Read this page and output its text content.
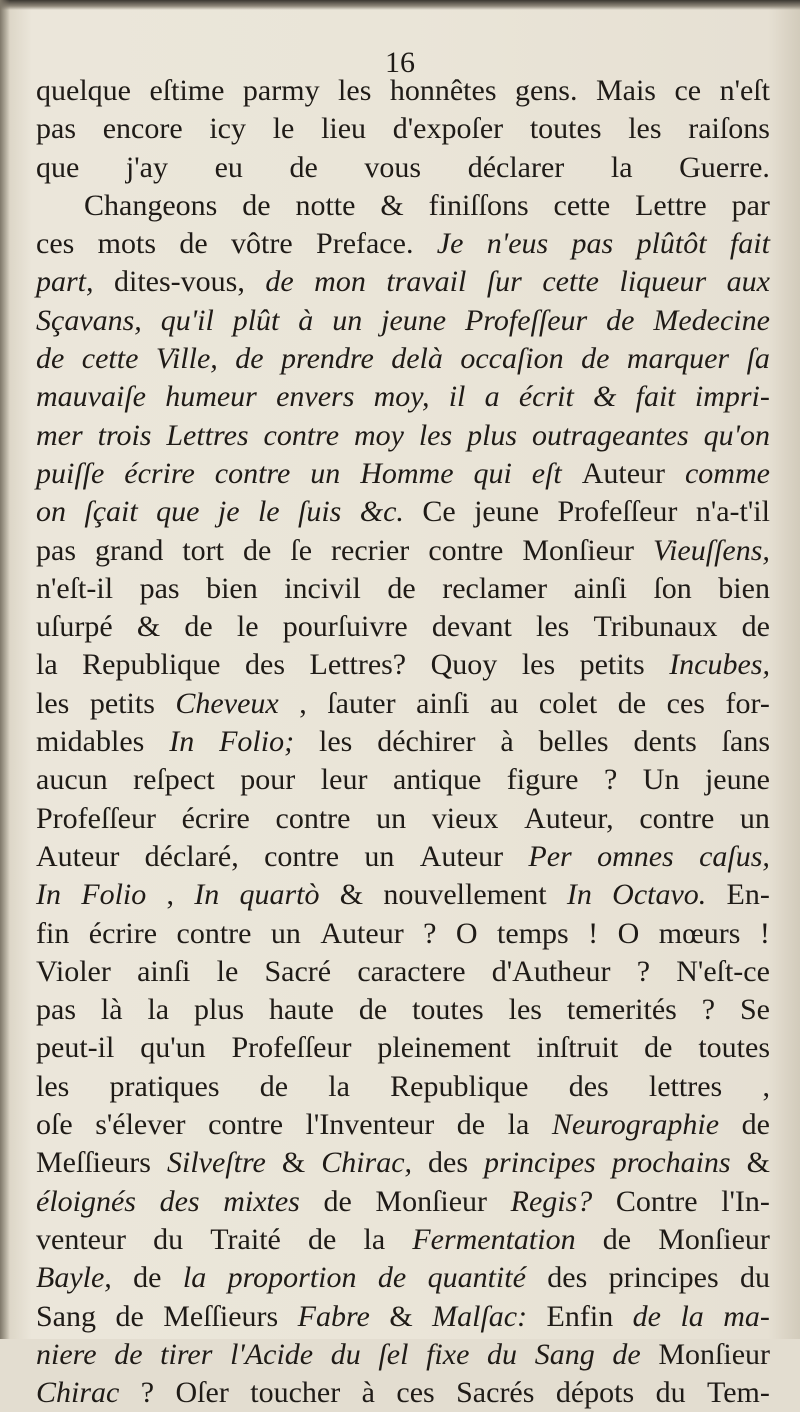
16
quelque eſtime parmy les honnêtes gens. Mais ce n'eſt
pas encore icy le lieu d'expoſer toutes les raiſons
que j'ay eu de vous déclarer la Guerre.
Changeons de notte & finiſſons cette Lettre par
ces mots de vôtre Preface. Je n'eus pas plûtôt fait
part, dites-vous, de mon travail ſur cette liqueur aux
Sçavans, qu'il plût à un jeune Profeſſeur de Medecine
de cette Ville, de prendre delà occaſion de marquer ſa
mauvaiſe humeur envers moy, il a écrit & fait impri-
mer trois Lettres contre moy les plus outrageantes qu'on
puiſſe écrire contre un Homme qui eſt Auteur comme
on ſçait que je le ſuis &c. Ce jeune Profeſſeur n'a-t'il
pas grand tort de ſe recrier contre Monſieur Vieuſſens,
n'eſt-il pas bien incivil de reclamer ainſi ſon bien
uſurpé & de le pourſuivre devant les Tribunaux de
la Republique des Lettres? Quoy les petits Incubes,
les petits Cheveux , ſauter ainſi au colet de ces for-
midables In Folio; les déchirer à belles dents ſans
aucun reſpect pour leur antique figure ? Un jeune
Profeſſeur écrire contre un vieux Auteur, contre un
Auteur déclaré, contre un Auteur Per omnes caſus,
In Folio , In quartò & nouvellement In Octavo. En-
fin écrire contre un Auteur ? O temps ! O mœurs !
Violer ainſi le Sacré caractere d'Autheur ? N'eſt-ce
pas là la plus haute de toutes les temerités ? Se
peut-il qu'un Profeſſeur pleinement inſtruit de toutes
les pratiques de la Republique des lettres ,
oſe s'élever contre l'Inventeur de la Neurographie de
Meſſieurs Silveſtre & Chirac, des principes prochains &
éloignés des mixtes de Monſieur Regis? Contre l'In-
venteur du Traité de la Fermentation de Monſieur
Bayle, de la proportion de quantité des principes du
Sang de Meſſieurs Fabre & Malſac: Enfin de la ma-
niere de tirer l'Acide du ſel fixe du Sang de Monſieur
Chirac ? Oſer toucher à ces Sacrés dépots du Tem-
